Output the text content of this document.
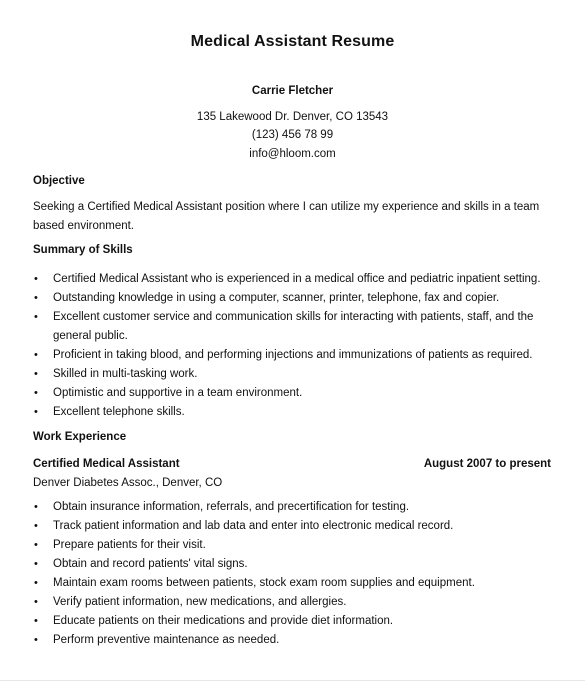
Medical Assistant Resume
Carrie Fletcher
135 Lakewood Dr. Denver, CO 13543
(123) 456 78 99
info@hloom.com
Objective
Seeking a Certified Medical Assistant position where I can utilize my experience and skills in a team based environment.
Summary of Skills
• Certified Medical Assistant who is experienced in a medical office and pediatric inpatient setting.
• Outstanding knowledge in using a computer, scanner, printer, telephone, fax and copier.
• Excellent customer service and communication skills for interacting with patients, staff, and the general public.
• Proficient in taking blood, and performing injections and immunizations of patients as required.
• Skilled in multi-tasking work.
• Optimistic and supportive in a team environment.
• Excellent telephone skills.
Work Experience
Certified Medical Assistant	August 2007 to present
Denver Diabetes Assoc., Denver, CO
• Obtain insurance information, referrals, and precertification for testing.
• Track patient information and lab data and enter into electronic medical record.
• Prepare patients for their visit.
• Obtain and record patients' vital signs.
• Maintain exam rooms between patients, stock exam room supplies and equipment.
• Verify patient information, new medications, and allergies.
• Educate patients on their medications and provide diet information.
• Perform preventive maintenance as needed.
